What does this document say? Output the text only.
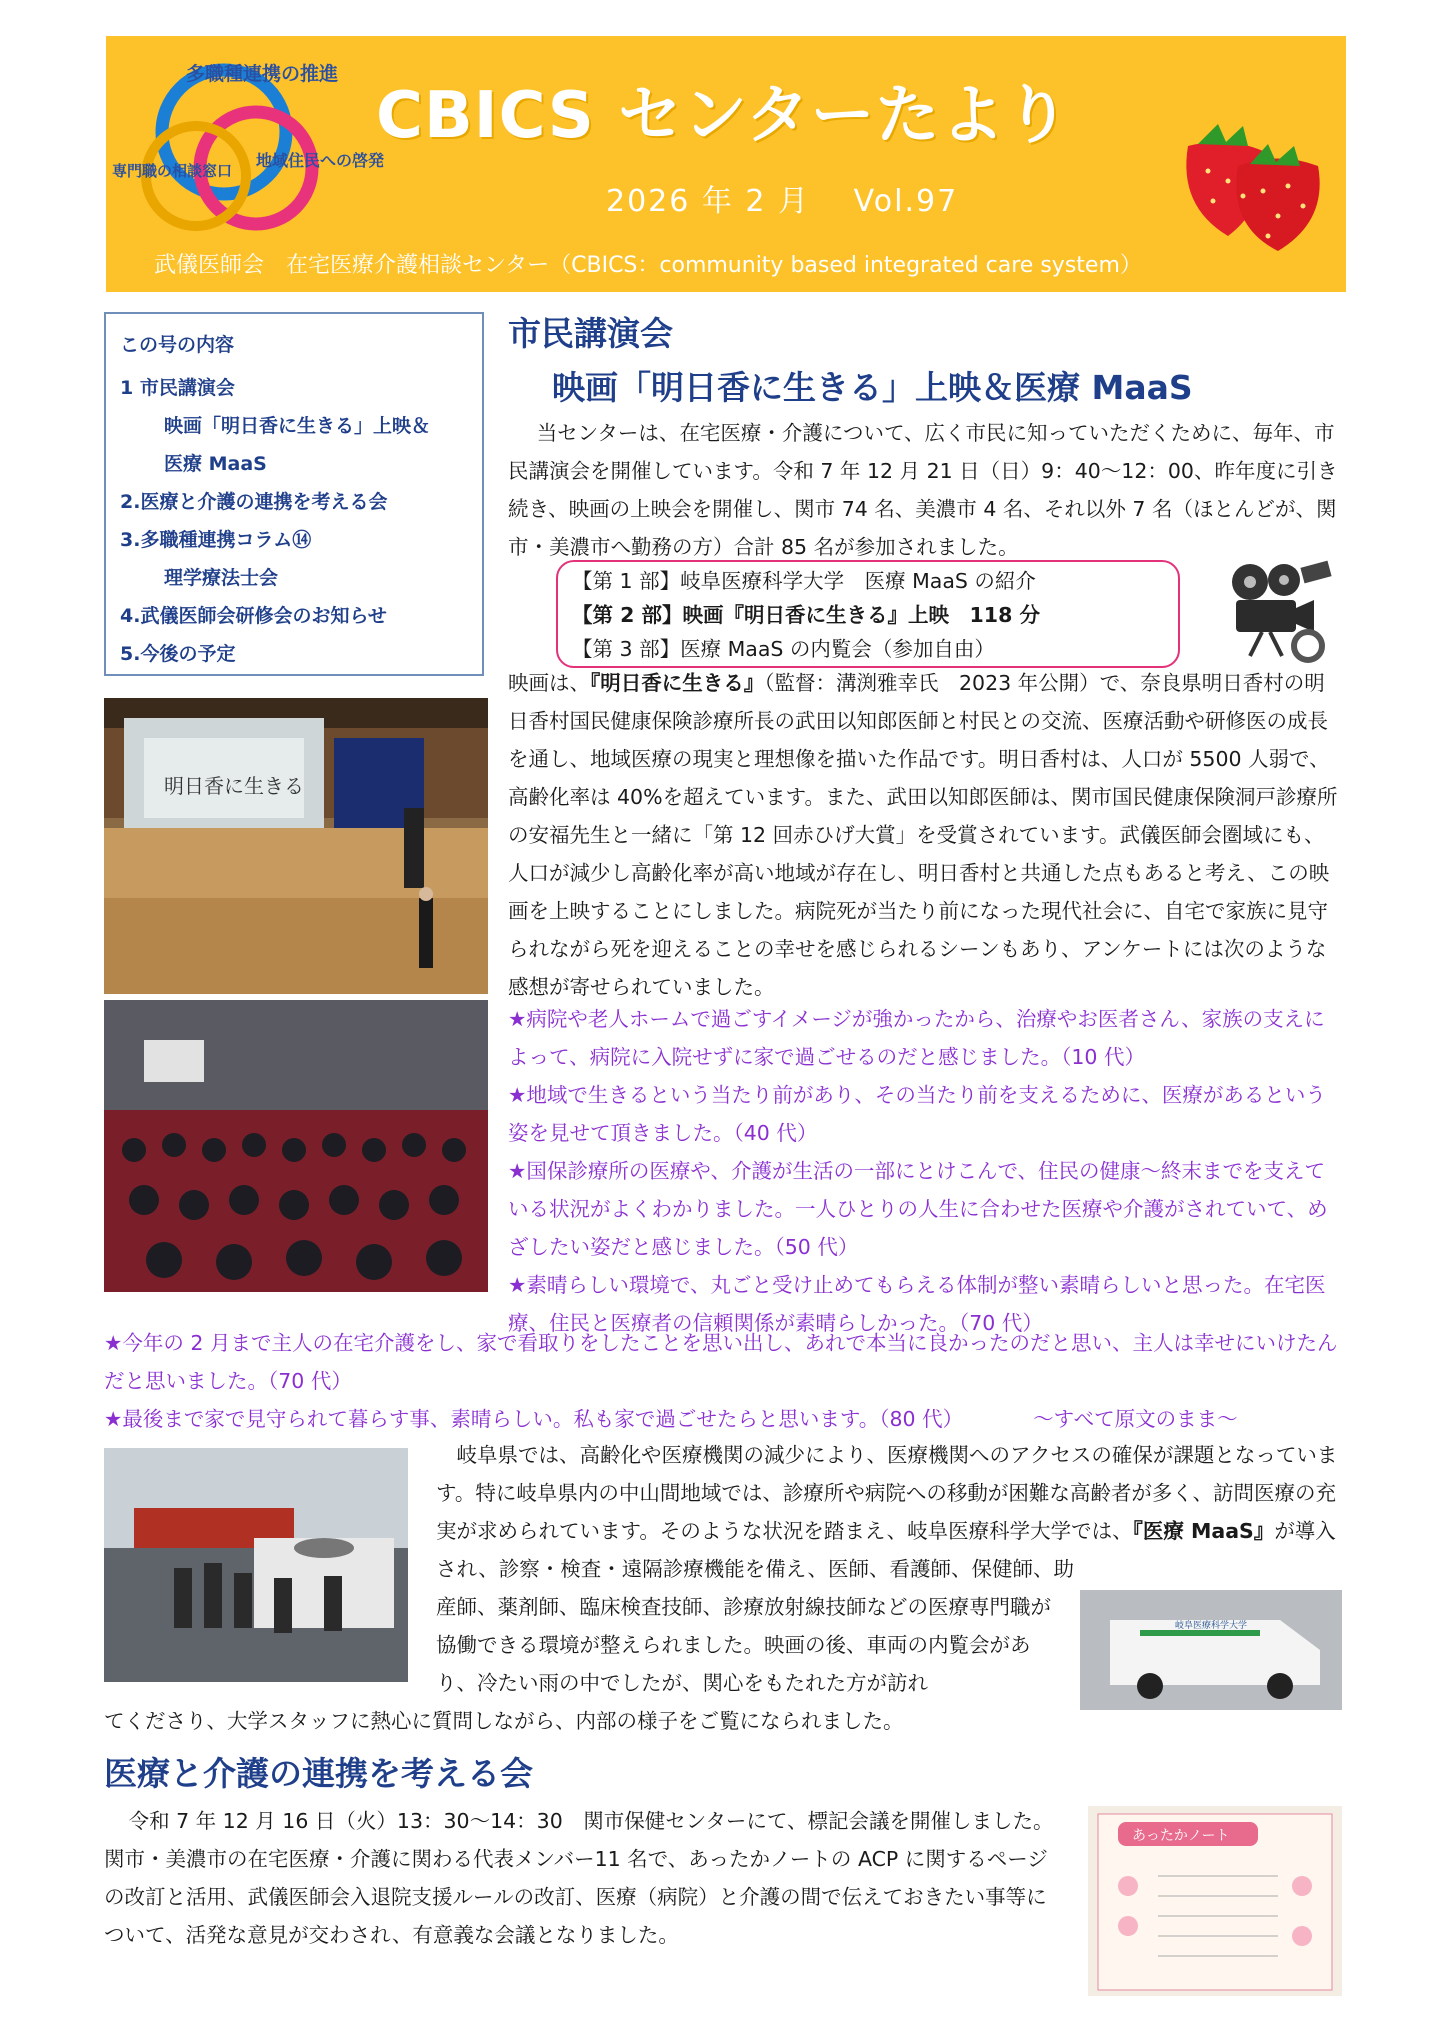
多職種連携の推進
地域住民への啓発
専門職の相談窓口
CBICS センターたより
2026 年 2 月　 Vol.97
武儀医師会　在宅医療介護相談センター（CBICS：community based integrated care system）
この号の内容
1 市民講演会
映画「明日香に生きる」上映＆
医療 MaaS
2.医療と介護の連携を考える会
3.多職種連携コラム⑭
理学療法士会
4.武儀医師会研修会のお知らせ
5.今後の予定
市民講演会
映画「明日香に生きる」上映＆医療 MaaS
当センターは、在宅医療・介護について、広く市民に知っていただくために、毎年、市民講演会を開催しています。令和 7 年 12 月 21 日（日）9：40〜12：00、昨年度に引き続き、映画の上映会を開催し、関市 74 名、美濃市 4 名、それ以外 7 名（ほとんどが、関市・美濃市へ勤務の方）合計 85 名が参加されました。
【第 1 部】岐阜医療科学大学　医療 MaaS の紹介
【第 2 部】映画『明日香に生きる』上映　118 分
【第 3 部】医療 MaaS の内覧会（参加自由）
映画は、『明日香に生きる』（監督：溝渕雅幸氏　2023 年公開）で、奈良県明日香村の明日香村国民健康保険診療所長の武田以知郎医師と村民との交流、医療活動や研修医の成長を通し、地域医療の現実と理想像を描いた作品です。明日香村は、人口が 5500 人弱で、高齢化率は 40%を超えています。また、武田以知郎医師は、関市国民健康保険洞戸診療所の安福先生と一緒に「第 12 回赤ひげ大賞」を受賞されています。武儀医師会圏域にも、人口が減少し高齢化率が高い地域が存在し、明日香村と共通した点もあると考え、この映画を上映することにしました。病院死が当たり前になった現代社会に、自宅で家族に見守られながら死を迎えることの幸せを感じられるシーンもあり、アンケートには次のような感想が寄せられていました。
★病院や老人ホームで過ごすイメージが強かったから、治療やお医者さん、家族の支えによって、病院に入院せずに家で過ごせるのだと感じました。（10 代）
★地域で生きるという当たり前があり、その当たり前を支えるために、医療があるという姿を見せて頂きました。（40 代）
★国保診療所の医療や、介護が生活の一部にとけこんで、住民の健康〜終末までを支えている状況がよくわかりました。一人ひとりの人生に合わせた医療や介護がされていて、めざしたい姿だと感じました。（50 代）
★素晴らしい環境で、丸ごと受け止めてもらえる体制が整い素晴らしいと思った。在宅医療、住民と医療者の信頼関係が素晴らしかった。（70 代）
★今年の 2 月まで主人の在宅介護をし、家で看取りをしたことを思い出し、あれで本当に良かったのだと思い、主人は幸せにいけたんだと思いました。（70 代）
★最後まで家で見守られて暮らす事、素晴らしい。私も家で過ごせたらと思います。（80 代）	〜すべて原文のまま〜
明日香に生きる
岐阜医療科学大学
あったかノート
岐阜県では、高齢化や医療機関の減少により、医療機関へのアクセスの確保が課題となっています。特に岐阜県内の中山間地域では、診療所や病院への移動が困難な高齢者が多く、訪問医療の充実が求められています。そのような状況を踏まえ、岐阜医療科学大学では、『医療 MaaS』が導入され、診察・検査・遠隔診療機能を備え、医師、看護師、保健師、助
産師、薬剤師、臨床検査技師、診療放射線技師などの医療専門職が協働できる環境が整えられました。映画の後、車両の内覧会があり、冷たい雨の中でしたが、関心をもたれた方が訪れ
てくださり、大学スタッフに熱心に質問しながら、内部の様子をご覧になられました。
医療と介護の連携を考える会
令和 7 年 12 月 16 日（火）13：30〜14：30　関市保健センターにて、標記会議を開催しました。関市・美濃市の在宅医療・介護に関わる代表メンバー11 名で、あったかノートの ACP に関するページの改訂と活用、武儀医師会入退院支援ルールの改訂、医療（病院）と介護の間で伝えておきたい事等について、活発な意見が交わされ、有意義な会議となりました。
